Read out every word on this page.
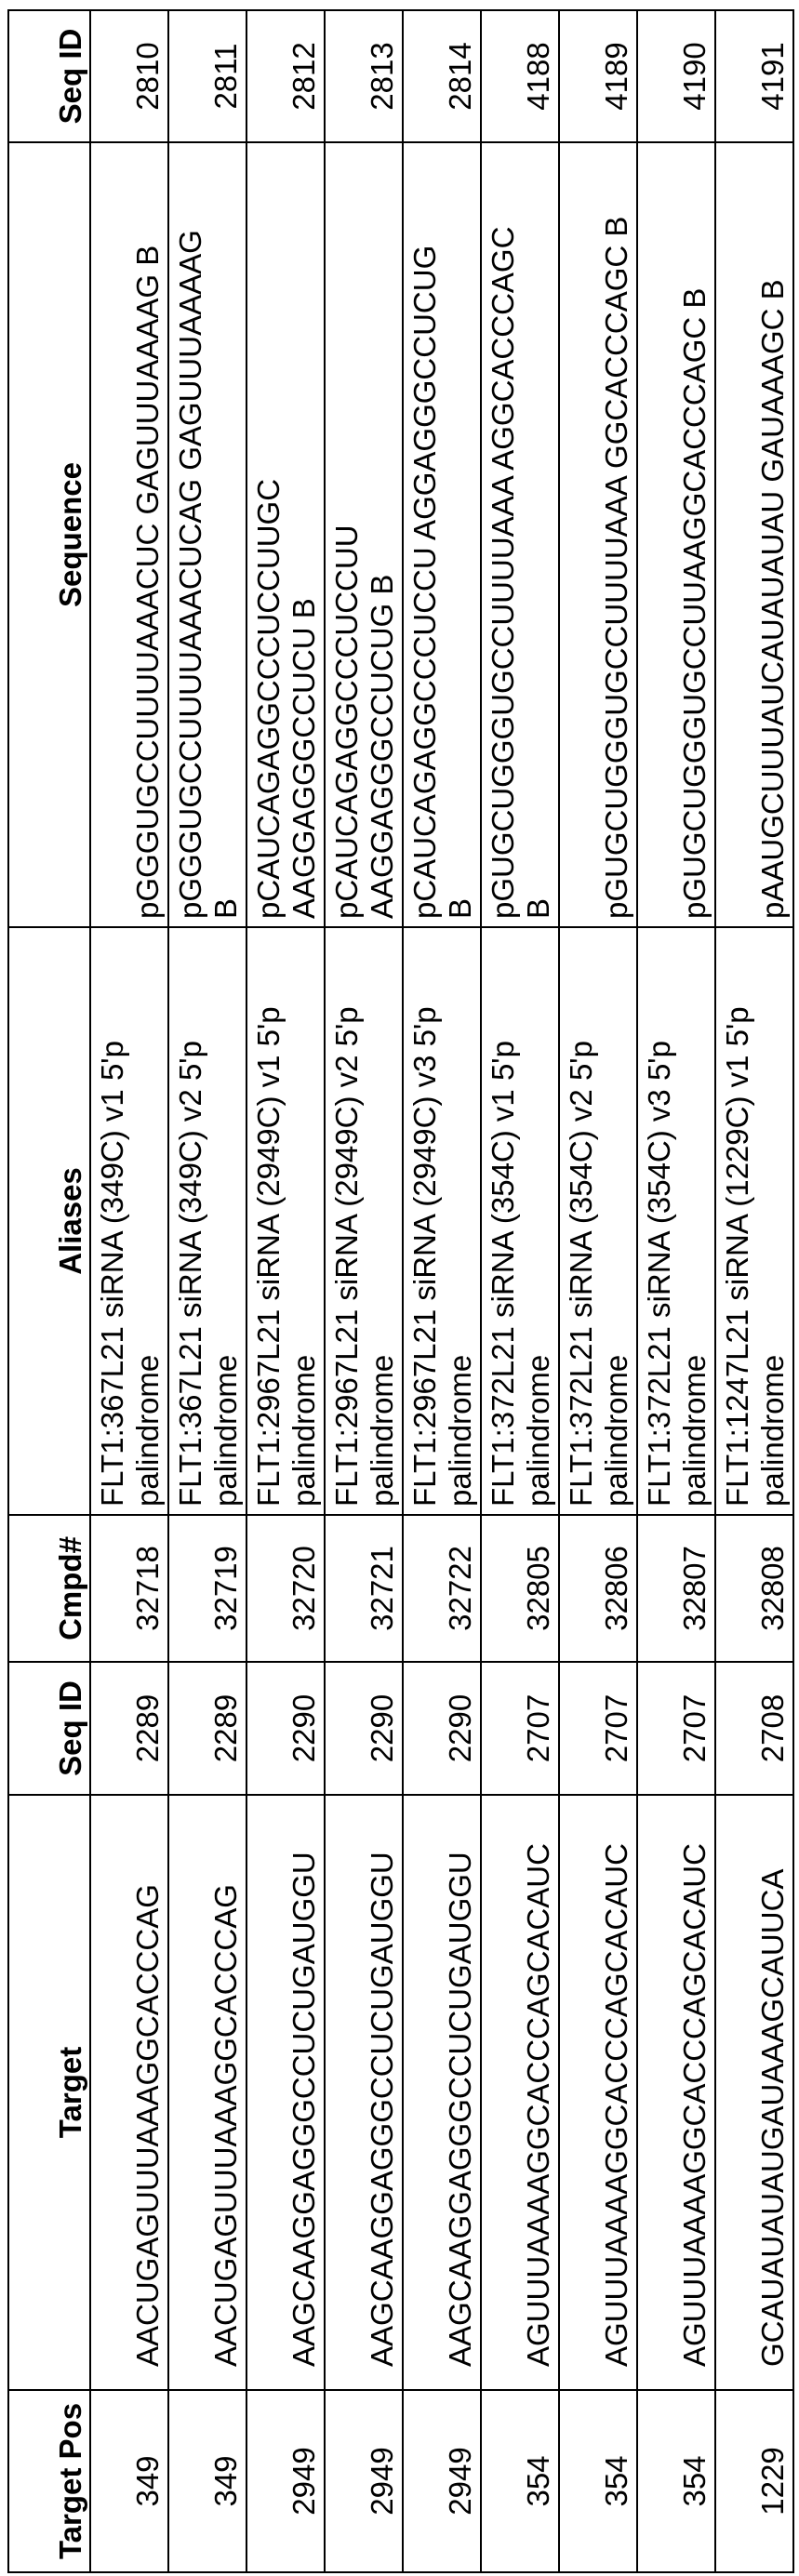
Target Pos	Target	Seq ID	Cmpd#	Aliases	Sequence	Seq ID
349	AACUGAGUUUAAAGGCACCCAG	2289	32718	FLT1:367L21 siRNA (349C) v1 5'p
palindrome	pGGGUGCCUUUUAAACUC GAGUUUAAAAG B	2810
349	AACUGAGUUUAAAGGCACCCAG	2289	32719	FLT1:367L21 siRNA (349C) v2 5'p
palindrome	pGGGUGCCUUUUAAACUCAG GAGUUUAAAAG
B	2811
2949	AAGCAAGGAGGGCCUCUGAUGGU	2290	32720	FLT1:2967L21 siRNA (2949C) v1 5'p
palindrome	pCAUCAGAGGCCCUCCUUGC
AAGGAGGGCCUCU B	2812
2949	AAGCAAGGAGGGCCUCUGAUGGU	2290	32721	FLT1:2967L21 siRNA (2949C) v2 5'p
palindrome	pCAUCAGAGGCCCUCCUU
AAGGAGGGCCUCUG B	2813
2949	AAGCAAGGAGGGCCUCUGAUGGU	2290	32722	FLT1:2967L21 siRNA (2949C) v3 5'p
palindrome	pCAUCAGAGGCCCUCCU AGGAGGGCCUCUG
B	2814
354	AGUUUAAAAGGCACCCAGCACAUC	2707	32805	FLT1:372L21 siRNA (354C) v1 5'p
palindrome	pGUGCUGGGUGCCUUUUAAA AGGCACCCAGC
B	4188
354	AGUUUAAAAGGCACCCAGCACAUC	2707	32806	FLT1:372L21 siRNA (354C) v2 5'p
palindrome	pGUGCUGGGUGCCUUUUAAA GGCACCCAGC B	4189
354	AGUUUAAAAGGCACCCAGCACAUC	2707	32807	FLT1:372L21 siRNA (354C) v3 5'p
palindrome	pGUGCUGGGUGCCUUAAGGCACCCAGC B	4190
1229	GCAUAUAUAUGAUAAAGCAUUCA	2708	32808	FLT1:1247L21 siRNA (1229C) v1 5'p
palindrome	pAAUGCUUUAUCAUAUAUAU GAUAAAGC B	4191
